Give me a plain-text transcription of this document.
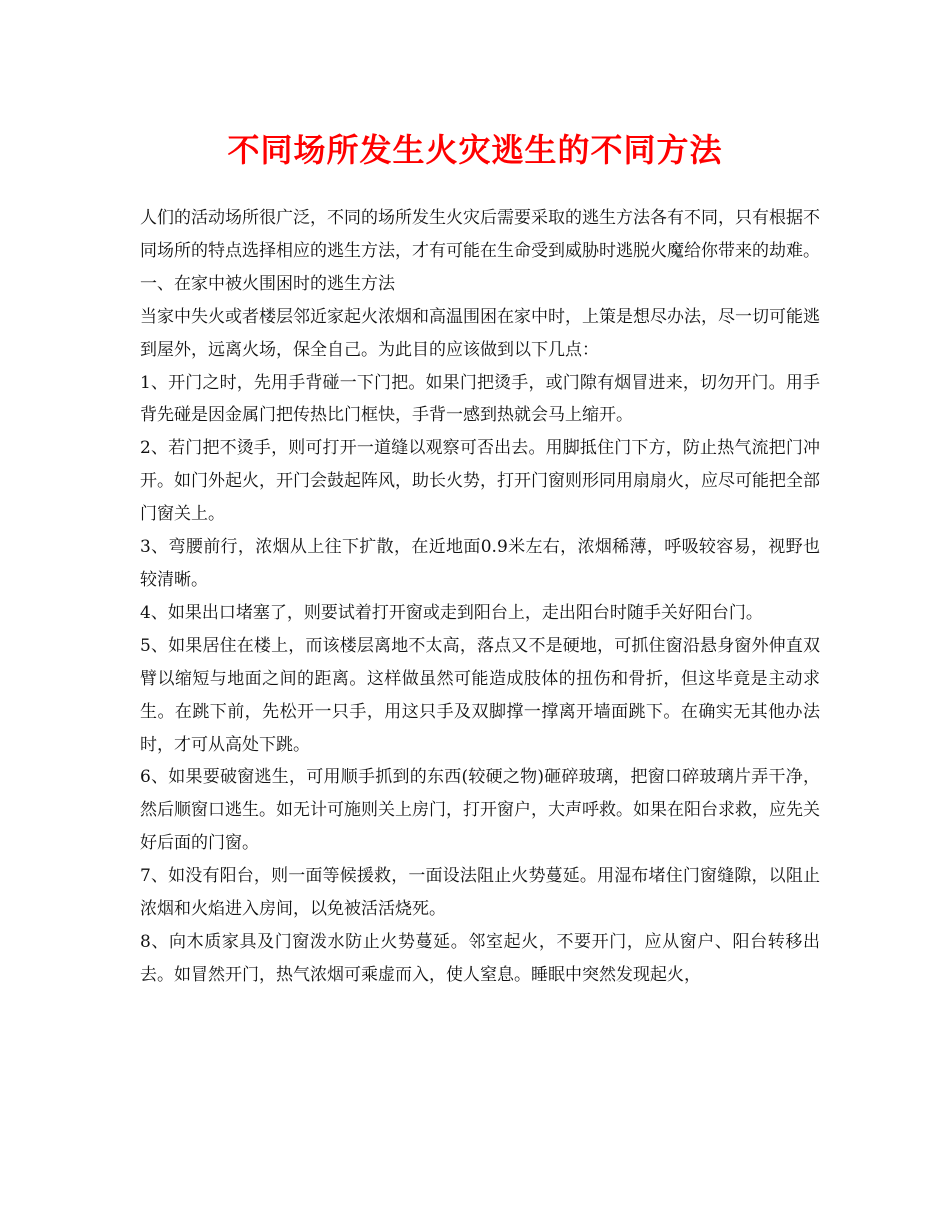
不同场所发生火灾逃生的不同方法

人们的活动场所很广泛，不同的场所发生火灾后需要采取的逃生方法各有不同，只有根据不同场所的特点选择相应的逃生方法，才有可能在生命受到威胁时逃脱火魔给你带来的劫难。

一、在家中被火围困时的逃生方法

当家中失火或者楼层邻近家起火浓烟和高温围困在家中时，上策是想尽办法，尽一切可能逃到屋外，远离火场，保全自己。为此目的应该做到以下几点：

1、开门之时，先用手背碰一下门把。如果门把烫手，或门隙有烟冒进来，切勿开门。用手背先碰是因金属门把传热比门框快，手背一感到热就会马上缩开。

2、若门把不烫手，则可打开一道缝以观察可否出去。用脚抵住门下方，防止热气流把门冲开。如门外起火，开门会鼓起阵风，助长火势，打开门窗则形同用扇扇火，应尽可能把全部门窗关上。

3、弯腰前行，浓烟从上往下扩散，在近地面0.9米左右，浓烟稀薄，呼吸较容易，视野也较清晰。

4、如果出口堵塞了，则要试着打开窗或走到阳台上，走出阳台时随手关好阳台门。

5、如果居住在楼上，而该楼层离地不太高，落点又不是硬地，可抓住窗沿悬身窗外伸直双臂以缩短与地面之间的距离。这样做虽然可能造成肢体的扭伤和骨折，但这毕竟是主动求生。在跳下前，先松开一只手，用这只手及双脚撑一撑离开墙面跳下。在确实无其他办法时，才可从高处下跳。

6、如果要破窗逃生，可用顺手抓到的东西(较硬之物)砸碎玻璃，把窗口碎玻璃片弄干净，然后顺窗口逃生。如无计可施则关上房门，打开窗户，大声呼救。如果在阳台求救，应先关好后面的门窗。

7、如没有阳台，则一面等候援救，一面设法阻止火势蔓延。用湿布堵住门窗缝隙，以阻止浓烟和火焰进入房间，以免被活活烧死。

8、向木质家具及门窗泼水防止火势蔓延。邻室起火，不要开门，应从窗户、阳台转移出去。如冒然开门，热气浓烟可乘虚而入，使人窒息。睡眠中突然发现起火，
